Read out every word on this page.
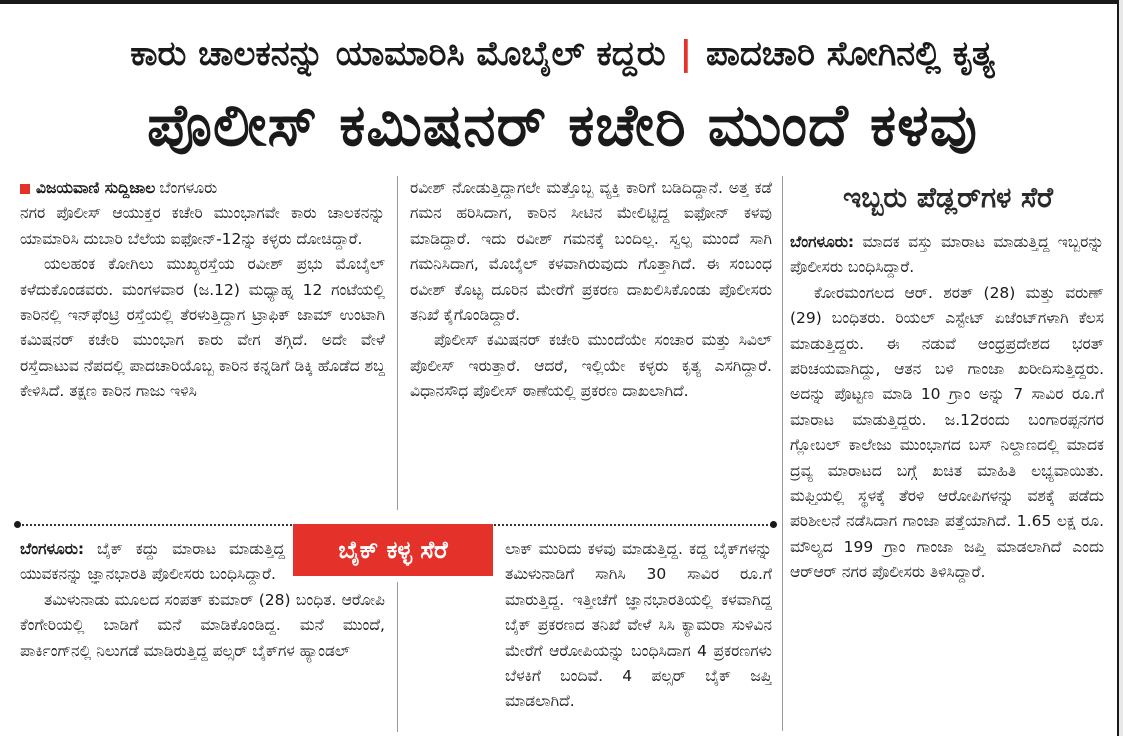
ಕಾರು ಚಾಲಕನನ್ನು ಯಾಮಾರಿಸಿ ಮೊಬೈಲ್ ಕದ್ದರು | ಪಾದಚಾರಿ ಸೋಗಿನಲ್ಲಿ ಕೃತ್ಯ
ಪೊಲೀಸ್ ಕಮಿಷನರ್ ಕಚೇರಿ ಮುಂದೆ ಕಳವು
ವಿಜಯವಾಣಿ ಸುದ್ದಿಜಾಲ ಬೆಂಗಳೂರು

ನಗರ ಪೊಲೀಸ್ ಆಯುಕ್ತರ ಕಚೇರಿ ಮುಂಭಾಗವೇ ಕಾರು ಚಾಲಕನನ್ನು ಯಾಮಾರಿಸಿ ದುಬಾರಿ ಬೆಲೆಯ ಐಫೋನ್-12ನ್ನು ಕಳ್ಳರು ದೋಚಿದ್ದಾರೆ.

ಯಲಹಂಕ ಕೋಗಿಲು ಮುಖ್ಯರಸ್ತೆಯ ರವೀಶ್ ಪ್ರಭು ಮೊಬೈಲ್ ಕಳೆದುಕೊಂಡವರು. ಮಂಗಳವಾರ (ಜ.12) ಮಧ್ಯಾಹ್ನ 12 ಗಂಟೆಯಲ್ಲಿ ಕಾರಿನಲ್ಲಿ ಇನ್‌ಫೆಂಟ್ರಿ ರಸ್ತೆಯಲ್ಲಿ ತೆರಳುತ್ತಿದ್ದಾಗ ಟ್ರಾಫಿಕ್ ಜಾಮ್ ಉಂಟಾಗಿ ಕಮಿಷನರ್ ಕಚೇರಿ ಮುಂಭಾಗ ಕಾರು ವೇಗ ತಗ್ಗಿದೆ. ಅದೇ ವೇಳೆ ರಸ್ತೆದಾಟುವ ನೆಪದಲ್ಲಿ ಪಾದಚಾರಿಯೊಬ್ಬ ಕಾರಿನ ಕನ್ನಡಿಗೆ ಡಿಕ್ಕಿ ಹೊಡೆದ ಶಬ್ದ ಕೇಳಿಸಿದೆ. ತಕ್ಷಣ ಕಾರಿನ ಗಾಜು ಇಳಿಸಿ

ರವೀಶ್ ನೋಡುತ್ತಿದ್ದಾಗಲೇ ಮತ್ತೊಬ್ಬ ವ್ಯಕ್ತಿ ಕಾರಿಗೆ ಬಡಿದಿದ್ದಾನೆ. ಅತ್ತ ಕಡೆ ಗಮನ ಹರಿಸಿದಾಗ, ಕಾರಿನ ಸೀಟಿನ ಮೇಲಿಟ್ಟಿದ್ದ ಐಫೋನ್ ಕಳವು ಮಾಡಿದ್ದಾರೆ. ಇದು ರವೀಶ್ ಗಮನಕ್ಕೆ ಬಂದಿಲ್ಲ. ಸ್ವಲ್ಪ ಮುಂದೆ ಸಾಗಿ ಗಮನಿಸಿದಾಗ, ಮೊಬೈಲ್ ಕಳವಾಗಿರುವುದು ಗೊತ್ತಾಗಿದೆ. ಈ ಸಂಬಂಧ ರವೀಶ್ ಕೊಟ್ಟ ದೂರಿನ ಮೇರೆಗೆ ಪ್ರಕರಣ ದಾಖಲಿಸಿಕೊಂಡು ಪೊಲೀಸರು ತನಿಖೆ ಕೈಗೊಂಡಿದ್ದಾರೆ.

ಪೊಲೀಸ್ ಕಮಿಷನರ್ ಕಚೇರಿ ಮುಂದೆಯೇ ಸಂಚಾರ ಮತ್ತು ಸಿವಿಲ್ ಪೊಲೀಸ್ ಇರುತ್ತಾರೆ. ಆದರೆ, ಇಲ್ಲಿಯೇ ಕಳ್ಳರು ಕೃತ್ಯ ಎಸಗಿದ್ದಾರೆ. ವಿಧಾನಸೌಧ ಪೊಲೀಸ್ ಠಾಣೆಯಲ್ಲಿ ಪ್ರಕರಣ ದಾಖಲಾಗಿದೆ.

ಬೈಕ್ ಕಳ್ಳ ಸೆರೆ

ಬೆಂಗಳೂರು: ಬೈಕ್ ಕದ್ದು ಮಾರಾಟ ಮಾಡುತ್ತಿದ್ದ ಯುವಕನನ್ನು ಜ್ಞಾನಭಾರತಿ ಪೊಲೀಸರು ಬಂಧಿಸಿದ್ದಾರೆ.

ತಮಿಳುನಾಡು ಮೂಲದ ಸಂಪತ್ ಕುಮಾರ್ (28) ಬಂಧಿತ. ಆರೋಪಿ ಕೆಂಗೇರಿಯಲ್ಲಿ ಬಾಡಿಗೆ ಮನೆ ಮಾಡಿಕೊಂಡಿದ್ದ. ಮನೆ ಮುಂದೆ, ಪಾರ್ಕಿಂಗ್‌ನಲ್ಲಿ ನಿಲುಗಡೆ ಮಾಡಿರುತ್ತಿದ್ದ ಪಲ್ಸರ್ ಬೈಕ್‌ಗಳ ಹ್ಯಾಂಡಲ್

ಲಾಕ್ ಮುರಿದು ಕಳವು ಮಾಡುತ್ತಿದ್ದ. ಕದ್ದ ಬೈಕ್‌ಗಳನ್ನು ತಮಿಳುನಾಡಿಗೆ ಸಾಗಿಸಿ 30 ಸಾವಿರ ರೂ.ಗೆ ಮಾರುತ್ತಿದ್ದ. ಇತ್ತೀಚೆಗೆ ಜ್ಞಾನಭಾರತಿಯಲ್ಲಿ ಕಳವಾಗಿದ್ದ ಬೈಕ್ ಪ್ರಕರಣದ ತನಿಖೆ ವೇಳೆ ಸಿಸಿ ಕ್ಯಾಮರಾ ಸುಳಿವಿನ ಮೇರೆಗೆ ಆರೋಪಿಯನ್ನು ಬಂಧಿಸಿದಾಗ 4 ಪ್ರಕರಣಗಳು ಬೆಳಕಿಗೆ ಬಂದಿವೆ. 4 ಪಲ್ಸರ್ ಬೈಕ್ ಜಪ್ತಿ ಮಾಡಲಾಗಿದೆ.

ಇಬ್ಬರು ಪೆಡ್ಲರ್‌ಗಳ ಸೆರೆ

ಬೆಂಗಳೂರು: ಮಾದಕ ವಸ್ತು ಮಾರಾಟ ಮಾಡುತ್ತಿದ್ದ ಇಬ್ಬರನ್ನು ಪೊಲೀಸರು ಬಂಧಿಸಿದ್ದಾರೆ.

ಕೋರಮಂಗಲದ ಆರ್. ಶರತ್ (28) ಮತ್ತು ವರುಣ್ (29) ಬಂಧಿತರು. ರಿಯಲ್ ಎಸ್ಟೇಟ್ ಏಜೆಂಟ್‌ಗಳಾಗಿ ಕೆಲಸ ಮಾಡುತ್ತಿದ್ದರು. ಈ ನಡುವೆ ಆಂಧ್ರಪ್ರದೇಶದ ಭರತ್ ಪರಿಚಯವಾಗಿದ್ದು, ಆತನ ಬಳಿ ಗಾಂಜಾ ಖರೀದಿಸುತ್ತಿದ್ದರು. ಅದನ್ನು ಪೊಟ್ಟಣ ಮಾಡಿ 10 ಗ್ರಾಂ ಅನ್ನು 7 ಸಾವಿರ ರೂ.ಗೆ ಮಾರಾಟ ಮಾಡುತ್ತಿದ್ದರು. ಜ.12ರಂದು ಬಂಗಾರಪ್ಪನಗರ ಗ್ಲೋಬಲ್ ಕಾಲೇಜು ಮುಂಭಾಗದ ಬಸ್ ನಿಲ್ದಾಣದಲ್ಲಿ ಮಾದಕ ದ್ರವ್ಯ ಮಾರಾಟದ ಬಗ್ಗೆ ಖಚಿತ ಮಾಹಿತಿ ಲಭ್ಯವಾಯಿತು. ಮಫ್ತಿಯಲ್ಲಿ ಸ್ಥಳಕ್ಕೆ ತೆರಳಿ ಆರೋಪಿಗಳನ್ನು ವಶಕ್ಕೆ ಪಡೆದು ಪರಿಶೀಲನೆ ನಡೆಸಿದಾಗ ಗಾಂಜಾ ಪತ್ತೆಯಾಗಿದೆ. 1.65 ಲಕ್ಷ ರೂ. ಮೌಲ್ಯದ 199 ಗ್ರಾಂ ಗಾಂಜಾ ಜಪ್ತಿ ಮಾಡಲಾಗಿದೆ ಎಂದು ಆರ್‌ಆರ್ ನಗರ ಪೊಲೀಸರು ತಿಳಿಸಿದ್ದಾರೆ.
